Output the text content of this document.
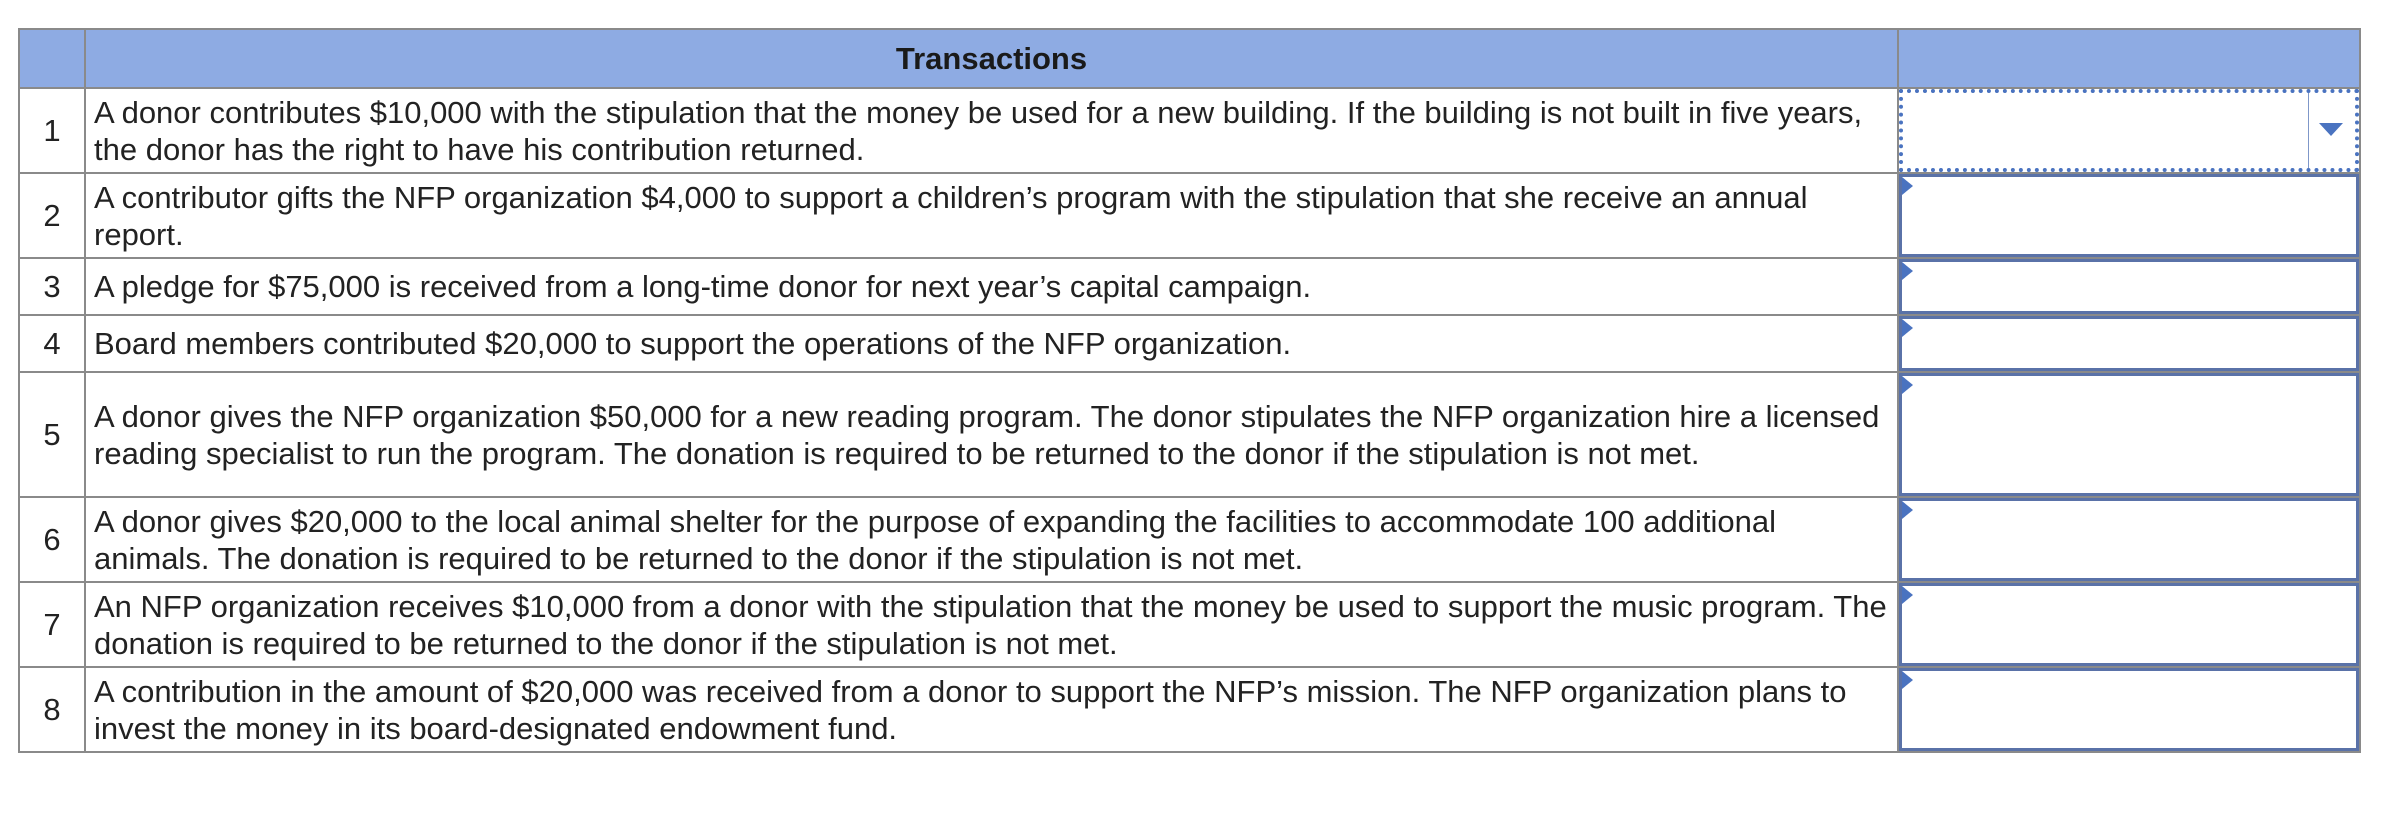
	Transactions	
1	A donor contributes $10,000 with the stipulation that the money be used for a new building. If the building is not built in five years, the donor has the right to have his contribution returned.	

2	A contributor gifts the NFP organization $4,000 to support a children’s program with the stipulation that she receive an annual report.	

3	A pledge for $75,000 is received from a long-time donor for next year’s capital campaign.	

4	Board members contributed $20,000 to support the operations of the NFP organization.	

5	A donor gives the NFP organization $50,000 for a new reading program. The donor stipulates the NFP organization hire a licensed reading specialist to run the program. The donation is required to be returned to the donor if the stipulation is not met.	

6	A donor gives $20,000 to the local animal shelter for the purpose of expanding the facilities to accommodate 100 additional animals. The donation is required to be returned to the donor if the stipulation is not met.	

7	An NFP organization receives $10,000 from a donor with the stipulation that the money be used to support the music program. The donation is required to be returned to the donor if the stipulation is not met.	

8	A contribution in the amount of $20,000 was received from a donor to support the NFP’s mission. The NFP organization plans to invest the money in its board-designated endowment fund.	
